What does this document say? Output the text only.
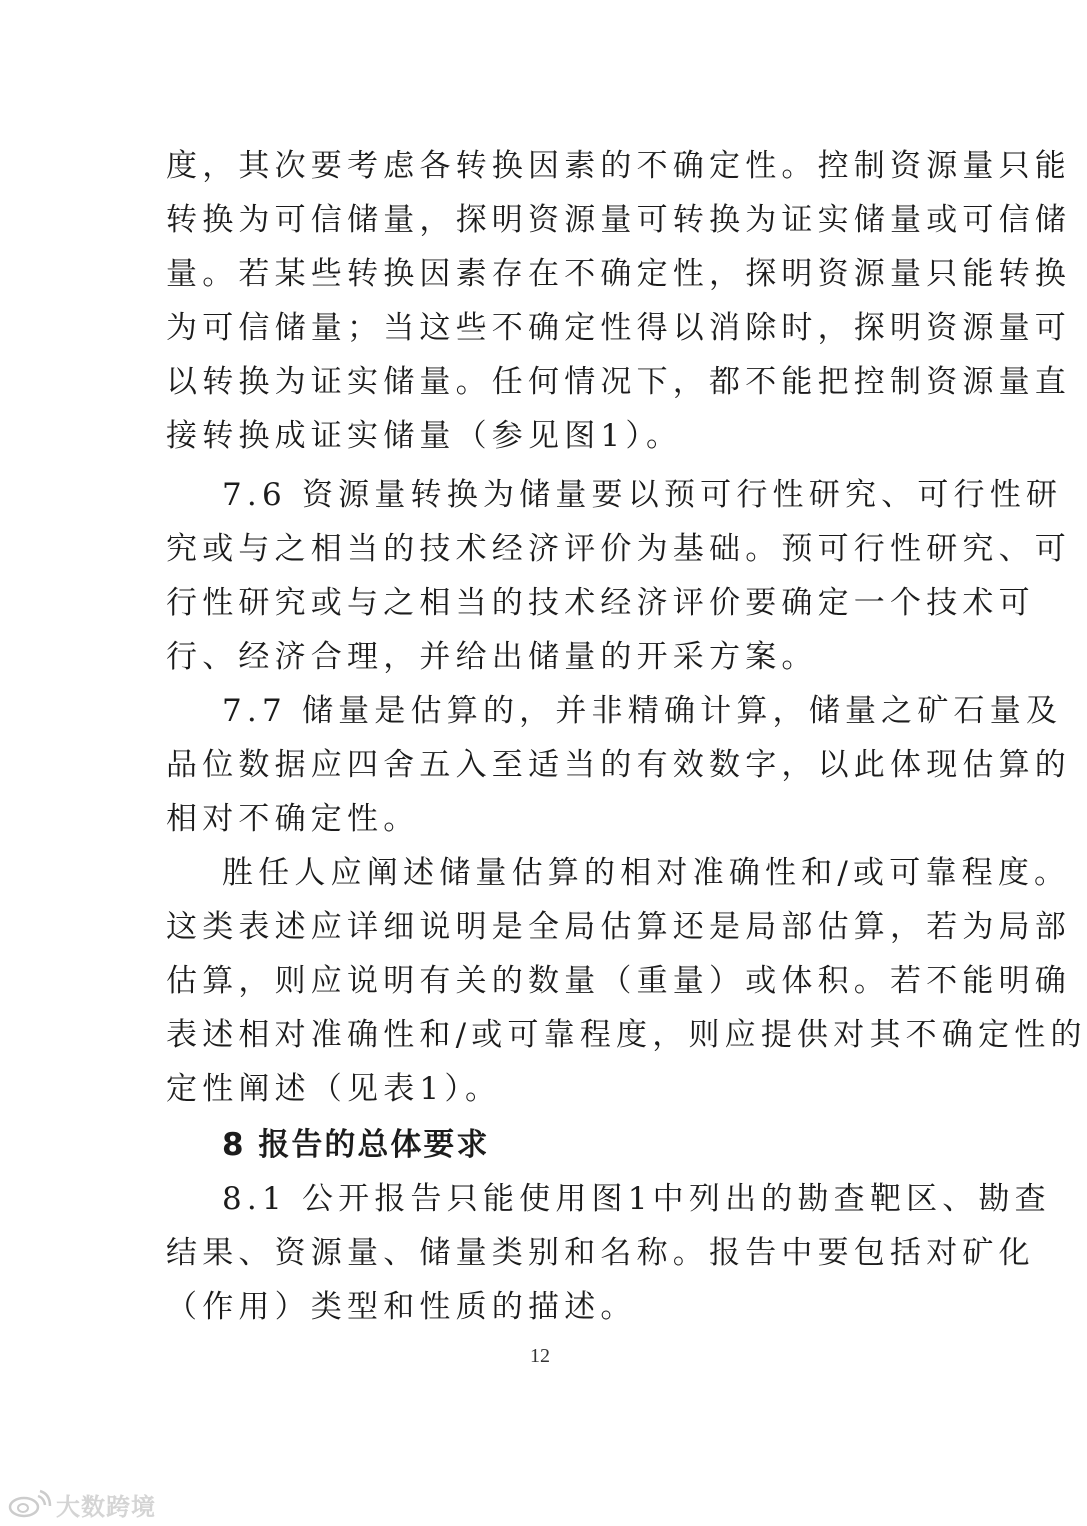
度，其次要考虑各转换因素的不确定性。控制资源量只能
转换为可信储量，探明资源量可转换为证实储量或可信储
量。若某些转换因素存在不确定性，探明资源量只能转换
为可信储量；当这些不确定性得以消除时，探明资源量可
以转换为证实储量。任何情况下，都不能把控制资源量直
接转换成证实储量（参见图1）。
7.6 资源量转换为储量要以预可行性研究、可行性研
究或与之相当的技术经济评价为基础。预可行性研究、可
行性研究或与之相当的技术经济评价要确定一个技术可
行、经济合理，并给出储量的开采方案。
7.7 储量是估算的，并非精确计算，储量之矿石量及
品位数据应四舍五入至适当的有效数字，以此体现估算的
相对不确定性。
胜任人应阐述储量估算的相对准确性和/或可靠程度。
这类表述应详细说明是全局估算还是局部估算，若为局部
估算，则应说明有关的数量（重量）或体积。若不能明确
表述相对准确性和/或可靠程度，则应提供对其不确定性的
定性阐述（见表1）。
8 报告的总体要求
8.1 公开报告只能使用图1中列出的勘查靶区、勘查
结果、资源量、储量类别和名称。报告中要包括对矿化
（作用）类型和性质的描述。
12
大数跨境
